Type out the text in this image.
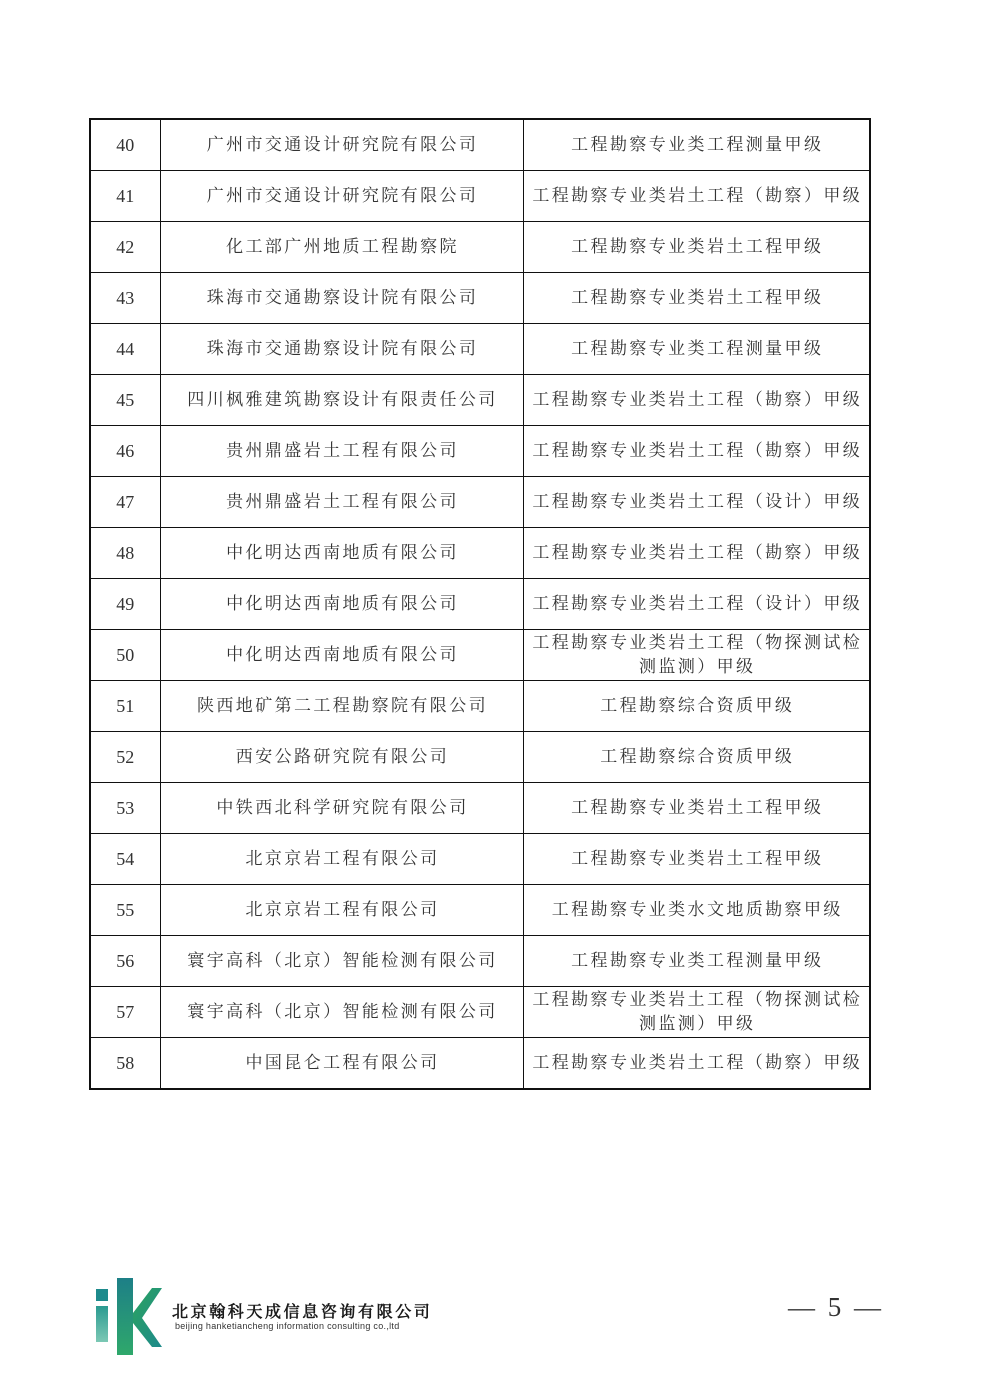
40	广州市交通设计研究院有限公司	工程勘察专业类工程测量甲级
41	广州市交通设计研究院有限公司	工程勘察专业类岩土工程（勘察）甲级
42	化工部广州地质工程勘察院	工程勘察专业类岩土工程甲级
43	珠海市交通勘察设计院有限公司	工程勘察专业类岩土工程甲级
44	珠海市交通勘察设计院有限公司	工程勘察专业类工程测量甲级
45	四川枫雅建筑勘察设计有限责任公司	工程勘察专业类岩土工程（勘察）甲级
46	贵州鼎盛岩土工程有限公司	工程勘察专业类岩土工程（勘察）甲级
47	贵州鼎盛岩土工程有限公司	工程勘察专业类岩土工程（设计）甲级
48	中化明达西南地质有限公司	工程勘察专业类岩土工程（勘察）甲级
49	中化明达西南地质有限公司	工程勘察专业类岩土工程（设计）甲级
50	中化明达西南地质有限公司	工程勘察专业类岩土工程（物探测试检测监测）甲级
51	陕西地矿第二工程勘察院有限公司	工程勘察综合资质甲级
52	西安公路研究院有限公司	工程勘察综合资质甲级
53	中铁西北科学研究院有限公司	工程勘察专业类岩土工程甲级
54	北京京岩工程有限公司	工程勘察专业类岩土工程甲级
55	北京京岩工程有限公司	工程勘察专业类水文地质勘察甲级
56	寰宇高科（北京）智能检测有限公司	工程勘察专业类工程测量甲级
57	寰宇高科（北京）智能检测有限公司	工程勘察专业类岩土工程（物探测试检测监测）甲级
58	中国昆仑工程有限公司	工程勘察专业类岩土工程（勘察）甲级
北京翰科天成信息咨询有限公司
beijing hanketiancheng information consulting co.,ltd
— 5 —
